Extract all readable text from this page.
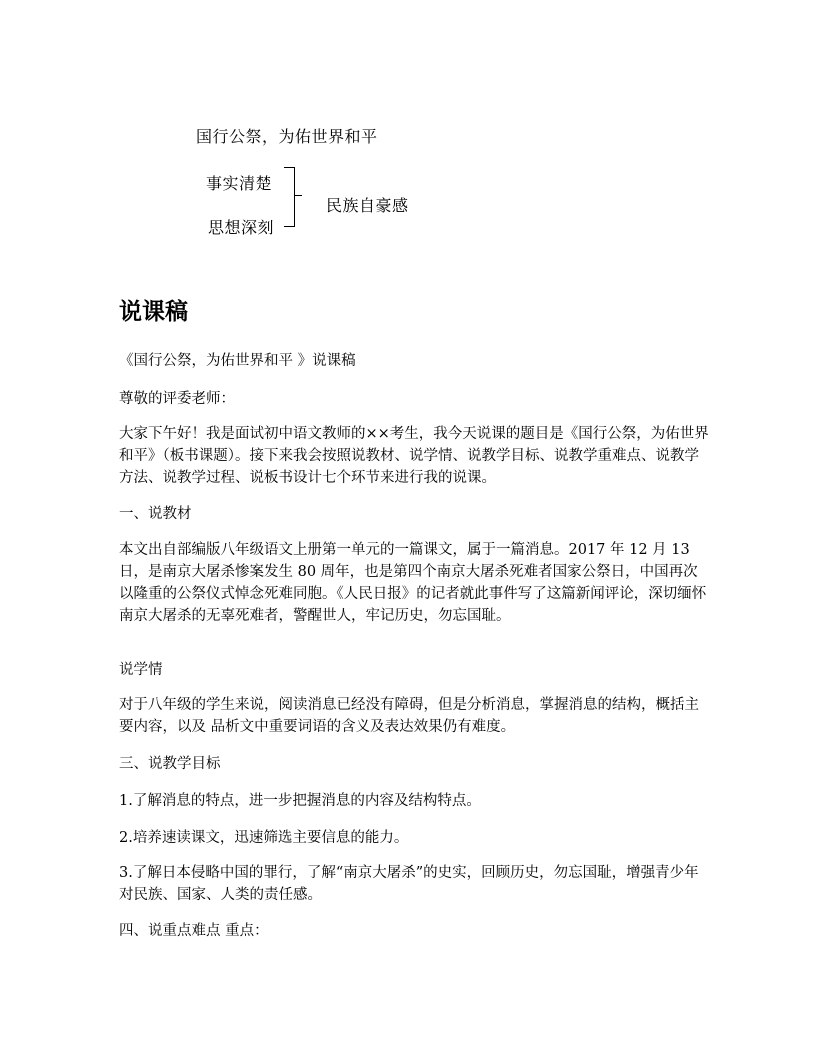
国行公祭，为佑世界和平
事实清楚
思想深刻
民族自豪感
说课稿

《国行公祭，为佑世界和平 》说课稿

尊敬的评委老师：

大家下午好！我是面试初中语文教师的××考生，我今天说课的题目是《国行公祭，为佑世界和平》（板书课题）。接下来我会按照说教材、说学情、说教学目标、说教学重难点、说教学方法、说教学过程、说板书设计七个环节来进行我的说课。

一、说教材

本文出自部编版八年级语文上册第一单元的一篇课文，属于一篇消息。2017 年 12 月 13 日，是南京大屠杀惨案发生 80 周年，也是第四个南京大屠杀死难者国家公祭日，中国再次以隆重的公祭仪式悼念死难同胞。《人民日报》的记者就此事件写了这篇新闻评论，深切缅怀南京大屠杀的无辜死难者，警醒世人，牢记历史，勿忘国耻。

说学情

对于八年级的学生来说，阅读消息已经没有障碍，但是分析消息，掌握消息的结构，概括主要内容，以及 品析文中重要词语的含义及表达效果仍有难度。

三、说教学目标

1.了解消息的特点，进一步把握消息的内容及结构特点。

2.培养速读课文，迅速筛选主要信息的能力。

3.了解日本侵略中国的罪行，了解“南京大屠杀”的史实，回顾历史，勿忘国耻，增强青少年对民族、国家、人类的责任感。

四、说重点难点 重点：
